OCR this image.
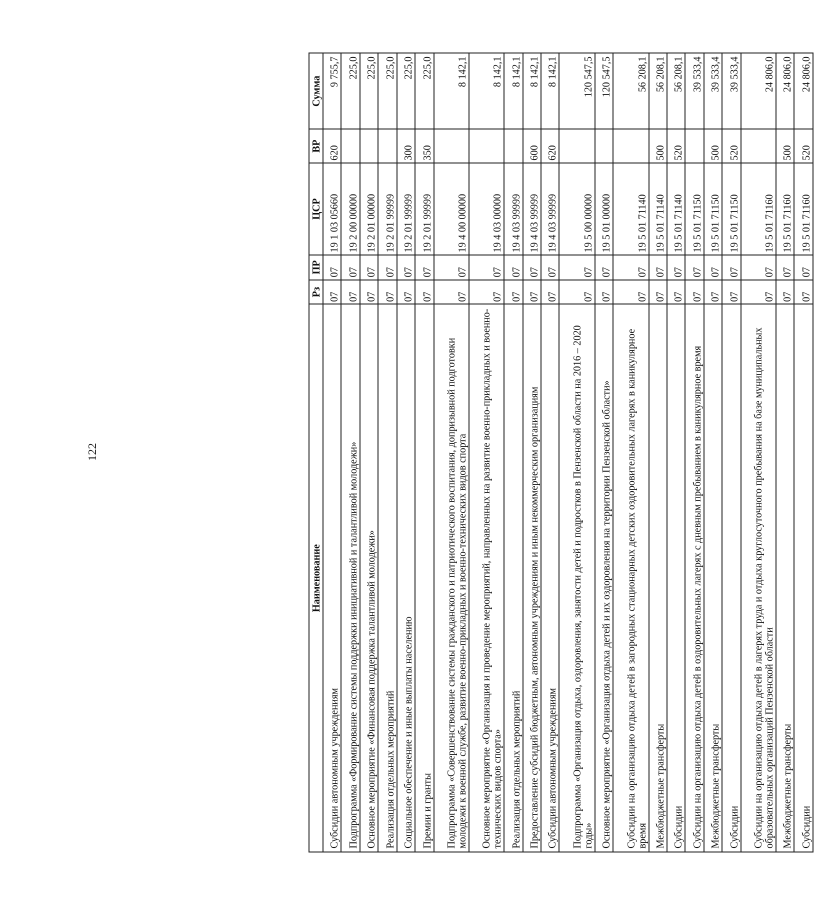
122
Наименование	Рз	ПР	ЦСР	ВР	Сумма
Субсидии автономным учреждениям	07	07	19 1 03 05660	620	9 755,7
Подпрограмма «Формирование системы поддержки инициативной и талантливой молодежи»	07	07	19 2 00 00000		225,0
Основное мероприятие «Финансовая поддержка талантливой молодежи»	07	07	19 2 01 00000		225,0
Реализация отдельных мероприятий	07	07	19 2 01 99999		225,0
Социальное обеспечение и иные выплаты населению	07	07	19 2 01 99999	300	225,0
Премии и гранты	07	07	19 2 01 99999	350	225,0
Подпрограмма «Совершенствование системы гражданского и патриотического воспитания, допризывной подготовки молодежи к военной службе, развитие военно-прикладных и военно-технических видов спорта	07	07	19 4 00 00000		8 142,1
Основное мероприятие «Организация и проведение мероприятий, направленных на развитие военно-прикладных и военно-технических видов спорта»	07	07	19 4 03 00000		8 142,1
Реализация отдельных мероприятий	07	07	19 4 03 99999		8 142,1
Предоставление субсидий бюджетным, автономным учреждениям и иным некоммерческим организациям	07	07	19 4 03 99999	600	8 142,1
Субсидии автономным учреждениям	07	07	19 4 03 99999	620	8 142,1
Подпрограмма «Организация отдыха, оздоровления, занятости детей и подростков в Пензенской области на 2016 – 2020 годы»	07	07	19 5 00 00000		120 547,5
Основное мероприятие «Организация отдыха детей и их оздоровления на территории Пензенской области»	07	07	19 5 01 00000		120 547,5
Субсидии на организацию отдыха детей в загородных стационарных детских оздоровительных лагерях в каникулярное время	07	07	19 5 01 71140		56 208,1
Межбюджетные трансферты	07	07	19 5 01 71140	500	56 208,1
Субсидии	07	07	19 5 01 71140	520	56 208,1
Субсидии на организацию отдыха детей в оздоровительных лагерях с дневным пребыванием в каникулярное время	07	07	19 5 01 71150		39 533,4
Межбюджетные трансферты	07	07	19 5 01 71150	500	39 533,4
Субсидии	07	07	19 5 01 71150	520	39 533,4
Субсидии на организацию отдыха детей в лагерях труда и отдыха круглосуточного пребывания на базе муниципальных образовательных организаций Пензенской области	07	07	19 5 01 71160		24 806,0
Межбюджетные трансферты	07	07	19 5 01 71160	500	24 806,0
Субсидии	07	07	19 5 01 71160	520	24 806,0
